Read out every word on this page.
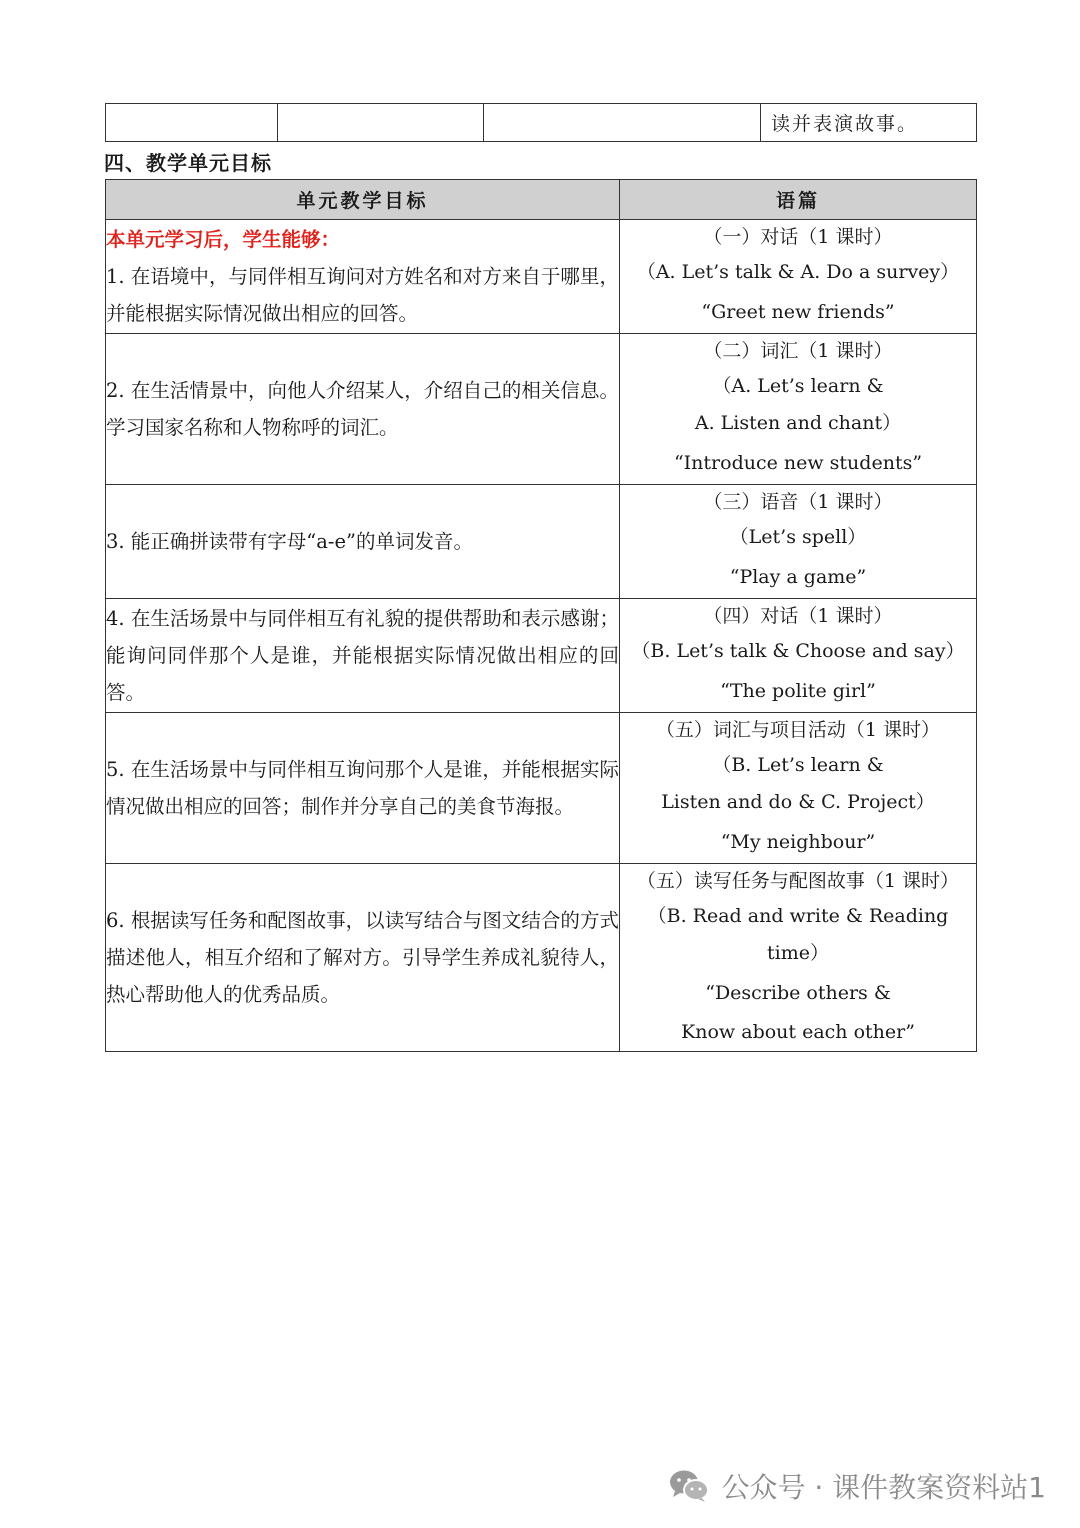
			读并表演故事。
四、教学单元目标
单元教学目标	语篇

本单元学习后，学生能够：
1. 在语境中，与同伴相互询问对方姓名和对方来自于哪里，并能根据实际情况做出相应的回答。	（一）对话（1 课时）
（A. Let’s talk & A. Do a survey）
“Greet new friends”

2. 在生活情景中，向他人介绍某人，介绍自己的相关信息。学习国家名称和人物称呼的词汇。	（二）词汇（1 课时）
（A. Let’s learn &
A. Listen and chant）
“Introduce new students”

3. 能正确拼读带有字母“a-e”的单词发音。	（三）语音（1 课时）
（Let’s spell）
“Play a game”

4. 在生活场景中与同伴相互有礼貌的提供帮助和表示感谢；能询问同伴那个人是谁，并能根据实际情况做出相应的回答。	（四）对话（1 课时）
（B. Let’s talk & Choose and say）
“The polite girl”

5. 在生活场景中与同伴相互询问那个人是谁，并能根据实际情况做出相应的回答；制作并分享自己的美食节海报。	（五）词汇与项目活动（1 课时）
（B. Let’s learn &
Listen and do & C. Project）
“My neighbour”

6. 根据读写任务和配图故事，以读写结合与图文结合的方式描述他人，相互介绍和了解对方。引导学生养成礼貌待人，热心帮助他人的优秀品质。	（五）读写任务与配图故事（1 课时）
（B. Read and write & Reading time）
“Describe others &
Know about each other”
公众号 · 课件教案资料站1
